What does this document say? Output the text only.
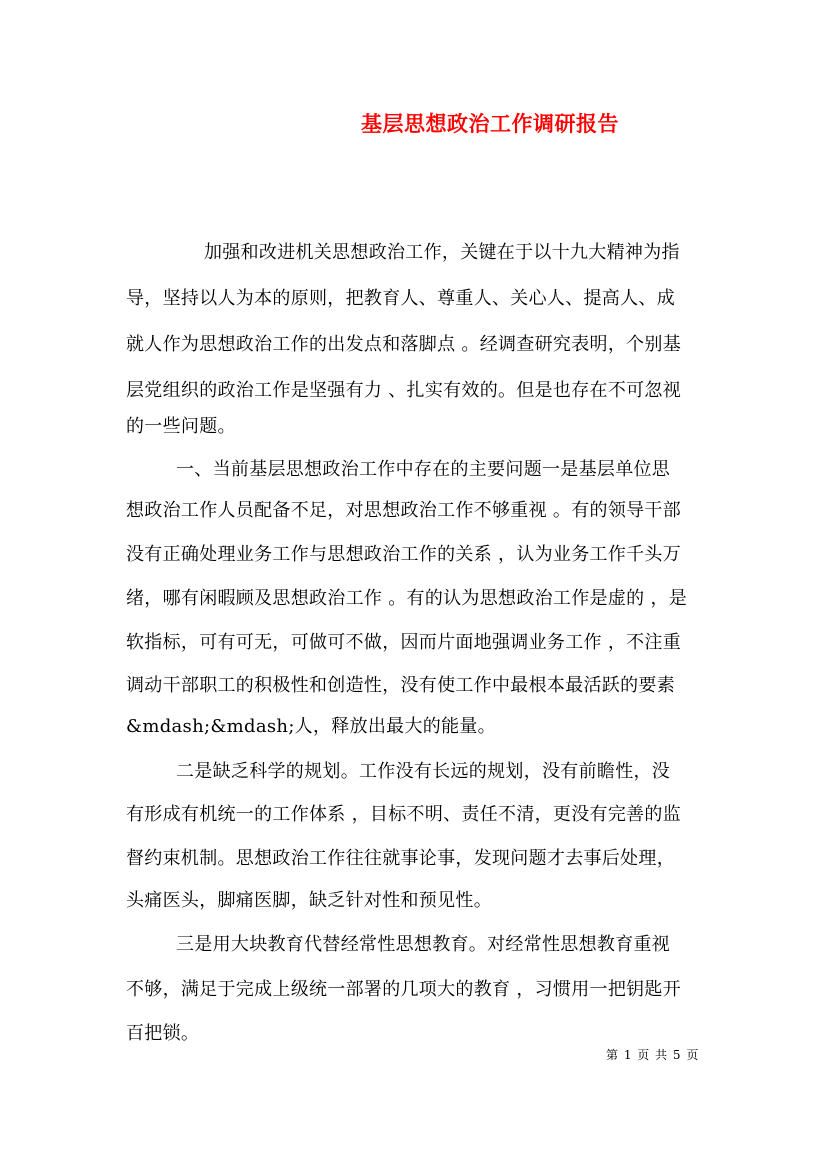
基层思想政治工作调研报告
加强和改进机关思想政治工作，关键在于以十九大精神为指
导，坚持以人为本的原则，把教育人、尊重人、关心人、提高人、成
就人作为思想政治工作的出发点和落脚点 。经调查研究表明，个别基
层党组织的政治工作是坚强有力 、扎实有效的。但是也存在不可忽视
的一些问题。
一、当前基层思想政治工作中存在的主要问题一是基层单位思
想政治工作人员配备不足，对思想政治工作不够重视 。有的领导干部
没有正确处理业务工作与思想政治工作的关系 ，认为业务工作千头万
绪，哪有闲暇顾及思想政治工作 。有的认为思想政治工作是虚的 ，是
软指标，可有可无，可做可不做，因而片面地强调业务工作 ，不注重
调动干部职工的积极性和创造性，没有使工作中最根本最活跃的要素
&mdash;&mdash;人，释放出最大的能量。
二是缺乏科学的规划。工作没有长远的规划，没有前瞻性，没
有形成有机统一的工作体系 ，目标不明、责任不清，更没有完善的监
督约束机制。思想政治工作往往就事论事，发现问题才去事后处理，
头痛医头，脚痛医脚，缺乏针对性和预见性。
三是用大块教育代替经常性思想教育。对经常性思想教育重视
不够，满足于完成上级统一部署的几项大的教育 ，习惯用一把钥匙开
百把锁。
第 1 页 共 5 页
